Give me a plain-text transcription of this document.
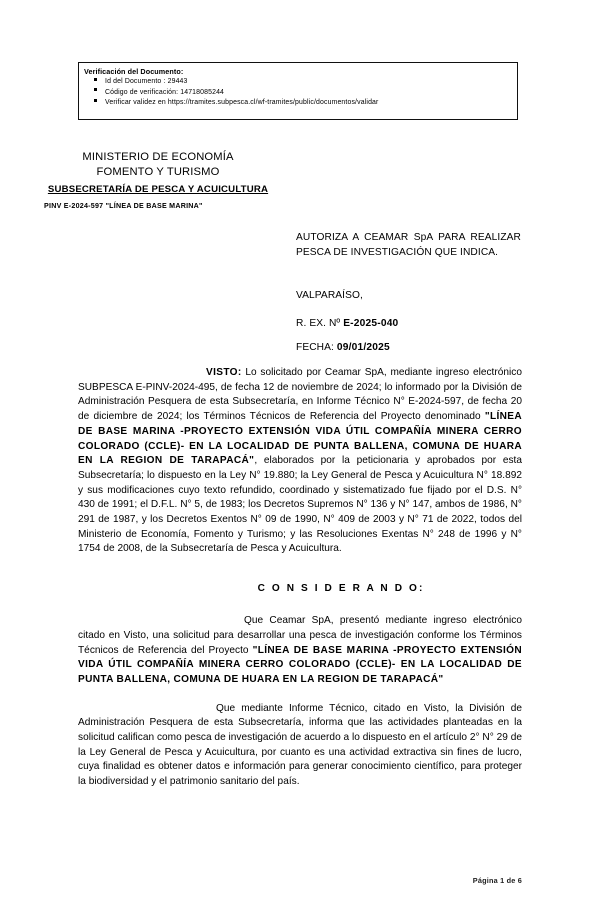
Verificación del Documento:
Id del Documento : 29443
Código de verificación: 14718085244
Verificar validez en https://tramites.subpesca.cl/wf-tramites/public/documentos/validar
MINISTERIO DE ECONOMÍA
FOMENTO Y TURISMO
SUBSECRETARÍA DE PESCA Y ACUICULTURA
PINV E-2024-597 "LÍNEA DE BASE MARINA"
AUTORIZA A CEAMAR SpA PARA REALIZAR PESCA DE INVESTIGACIÓN QUE INDICA.
VALPARAÍSO,
R. EX. Nº E-2025-040
FECHA: 09/01/2025

VISTO: Lo solicitado por Ceamar SpA, mediante ingreso electrónico SUBPESCA E-PINV-2024-495, de fecha 12 de noviembre de 2024; lo informado por la División de Administración Pesquera de esta Subsecretaría, en Informe Técnico N° E-2024-597, de fecha 20 de diciembre de 2024; los Términos Técnicos de Referencia del Proyecto denominado "LÍNEA DE BASE MARINA -PROYECTO EXTENSIÓN VIDA ÚTIL COMPAÑÍA MINERA CERRO COLORADO (CCLE)- EN LA LOCALIDAD DE PUNTA BALLENA, COMUNA DE HUARA EN LA REGION DE TARAPACÁ", elaborados por la peticionaria y aprobados por esta Subsecretaría; lo dispuesto en la Ley N° 19.880; la Ley General de Pesca y Acuicultura N° 18.892 y sus modificaciones cuyo texto refundido, coordinado y sistematizado fue fijado por el D.S. N° 430 de 1991; el D.F.L. N° 5, de 1983; los Decretos Supremos N° 136 y N° 147, ambos de 1986, N° 291 de 1987, y los Decretos Exentos N° 09 de 1990, N° 409 de 2003 y N° 71 de 2022, todos del Ministerio de Economía, Fomento y Turismo; y las Resoluciones Exentas N° 248 de 1996 y N° 1754 de 2008, de la Subsecretaría de Pesca y Acuicultura.

C O N S I D E R A N D O:

Que Ceamar SpA, presentó mediante ingreso electrónico citado en Visto, una solicitud para desarrollar una pesca de investigación conforme los Términos Técnicos de Referencia del Proyecto "LÍNEA DE BASE MARINA -PROYECTO EXTENSIÓN VIDA ÚTIL COMPAÑÍA MINERA CERRO COLORADO (CCLE)- EN LA LOCALIDAD DE PUNTA BALLENA, COMUNA DE HUARA EN LA REGION DE TARAPACÁ"

Que mediante Informe Técnico, citado en Visto, la División de Administración Pesquera de esta Subsecretaría, informa que las actividades planteadas en la solicitud califican como pesca de investigación de acuerdo a lo dispuesto en el artículo 2° N° 29 de la Ley General de Pesca y Acuicultura, por cuanto es una actividad extractiva sin fines de lucro, cuya finalidad es obtener datos e información para generar conocimiento científico, para proteger la biodiversidad y el patrimonio sanitario del país.

Página 1 de 6
